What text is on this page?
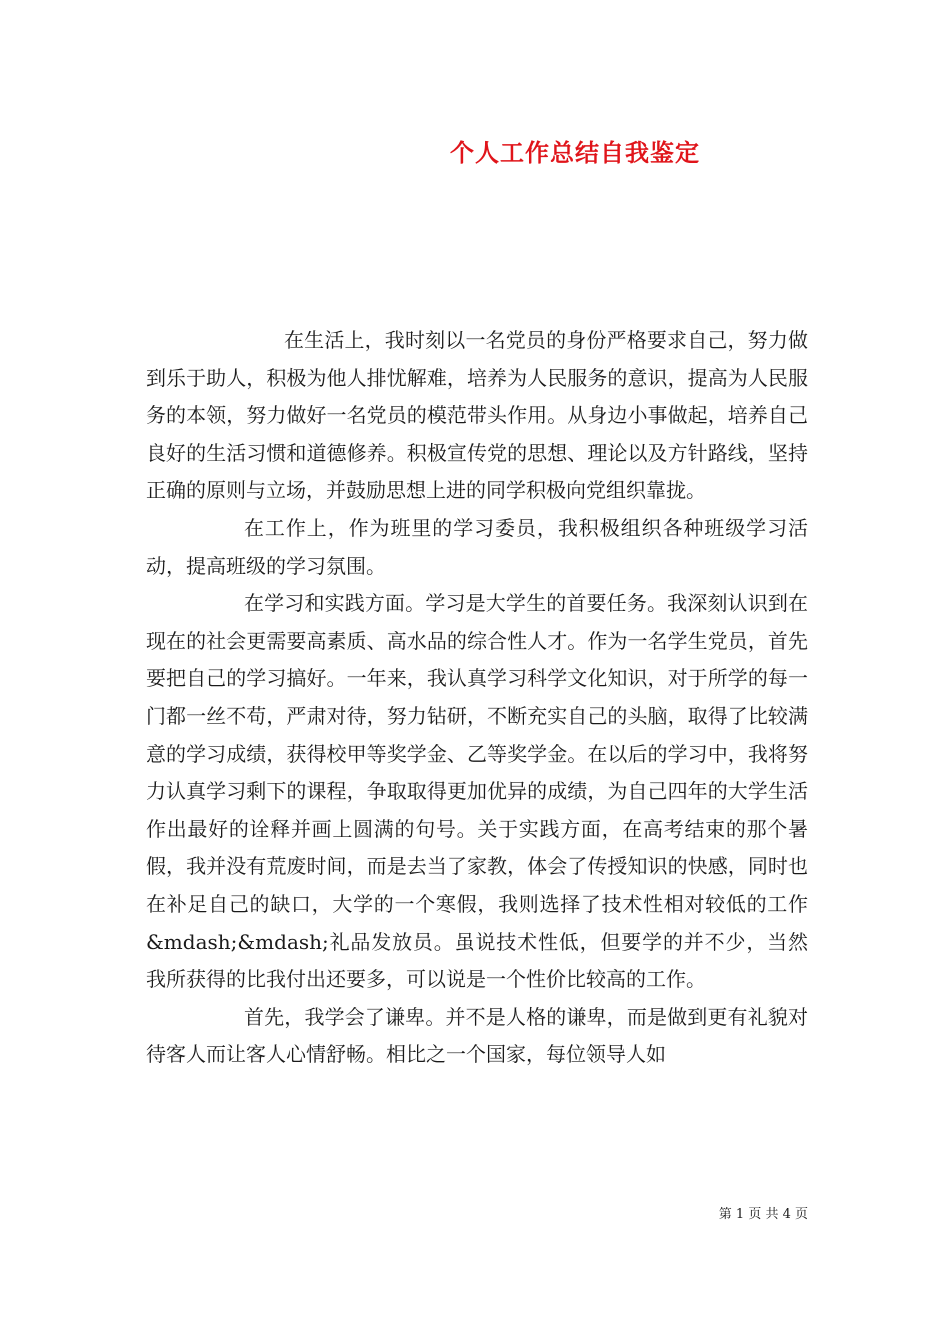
个人工作总结自我鉴定

在生活上，我时刻以一名党员的身份严格要求自己，努力做到乐于助人，积极为他人排忧解难，培养为人民服务的意识，提高为人民服务的本领，努力做好一名党员的模范带头作用。从身边小事做起，培养自己良好的生活习惯和道德修养。积极宣传党的思想、理论以及方针路线，坚持正确的原则与立场，并鼓励思想上进的同学积极向党组织靠拢。

在工作上，作为班里的学习委员，我积极组织各种班级学习活动，提高班级的学习氛围。

在学习和实践方面。学习是大学生的首要任务。我深刻认识到在现在的社会更需要高素质、高水品的综合性人才。作为一名学生党员，首先要把自己的学习搞好。一年来，我认真学习科学文化知识，对于所学的每一门都一丝不苟，严肃对待，努力钻研，不断充实自己的头脑，取得了比较满意的学习成绩，获得校甲等奖学金、乙等奖学金。在以后的学习中，我将努力认真学习剩下的课程，争取取得更加优异的成绩，为自己四年的大学生活作出最好的诠释并画上圆满的句号。关于实践方面，在高考结束的那个暑假，我并没有荒废时间，而是去当了家教，体会了传授知识的快感，同时也在补足自己的缺口，大学的一个寒假，我则选择了技术性相对较低的工作&mdash;&mdash;礼品发放员。虽说技术性低，但要学的并不少，当然我所获得的比我付出还要多，可以说是一个性价比较高的工作。

首先，我学会了谦卑。并不是人格的谦卑，而是做到更有礼貌对待客人而让客人心情舒畅。相比之一个国家，每位领导人如

第 1 页 共 4 页
